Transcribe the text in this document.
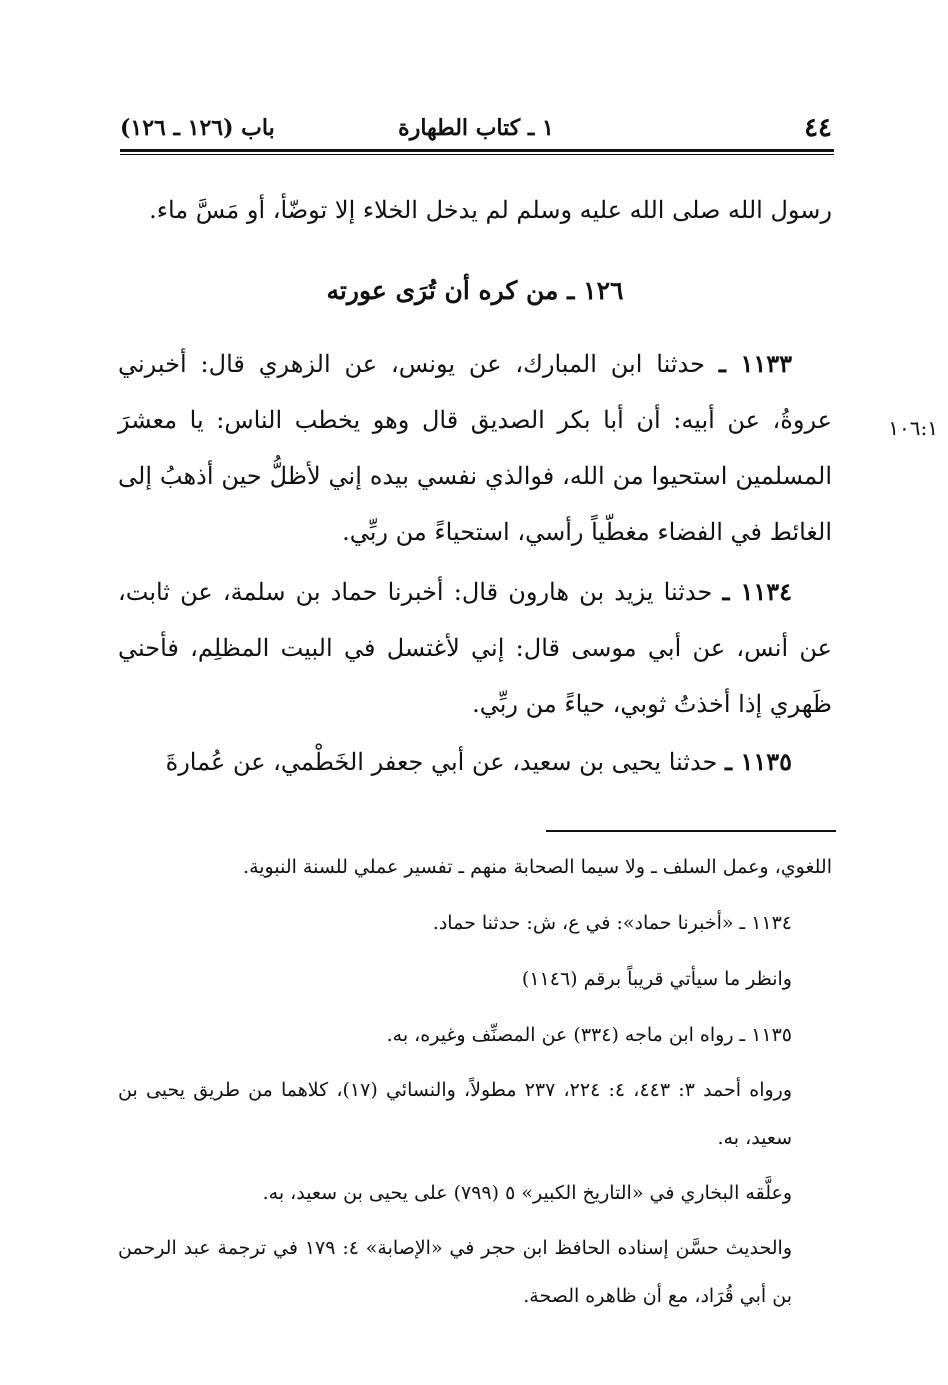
٤٤
١ ـ كتاب الطهارة
باب (١٢٦ ـ ١٢٦)
رسول الله صلى الله عليه وسلم لم يدخل الخلاء إلا توضّأ، أو مَسَّ ماء.
١٢٦ ـ من كره أن تُرَى عورته
١٠٦:١
١١٣٣ ـ حدثنا ابن المبارك، عن يونس، عن الزهري قال: أخبرني عروةُ، عن أبيه: أن أبا بكر الصديق قال وهو يخطب الناس: يا معشرَ المسلمين استحيوا من الله، فوالذي نفسي بيده إني لأظلُّ حين أذهبُ إلى الغائط في الفضاء مغطّياً رأسي، استحياءً من ربِّي.
١١٣٤ ـ حدثنا يزيد بن هارون قال: أخبرنا حماد بن سلمة، عن ثابت، عن أنس، عن أبي موسى قال: إني لأغتسل في البيت المظلِم، فأحني ظَهري إذا أخذتُ ثوبي، حياءً من ربِّي.
١١٣٥ ـ حدثنا يحيى بن سعيد، عن أبي جعفر الخَطْمي، عن عُمارةَ

اللغوي، وعمل السلف ـ ولا سيما الصحابة منهم ـ تفسير عملي للسنة النبوية.

١١٣٤ ـ «أخبرنا حماد»: في ع، ش: حدثنا حماد.

وانظر ما سيأتي قريباً برقم (١١٤٦)

١١٣٥ ـ رواه ابن ماجه (٣٣٤) عن المصنِّف وغيره، به.

ورواه أحمد ٣: ٤٤٣، ٤: ٢٢٤، ٢٣٧ مطولاً، والنسائي (١٧)، كلاهما من طريق يحيى بن سعيد، به.

وعلَّقه البخاري في «التاريخ الكبير» ٥ (٧٩٩) على يحيى بن سعيد، به.

والحديث حسَّن إسناده الحافظ ابن حجر في «الإصابة» ٤: ١٧٩ في ترجمة عبد الرحمن بن أبي قُرَاد، مع أن ظاهره الصحة.
